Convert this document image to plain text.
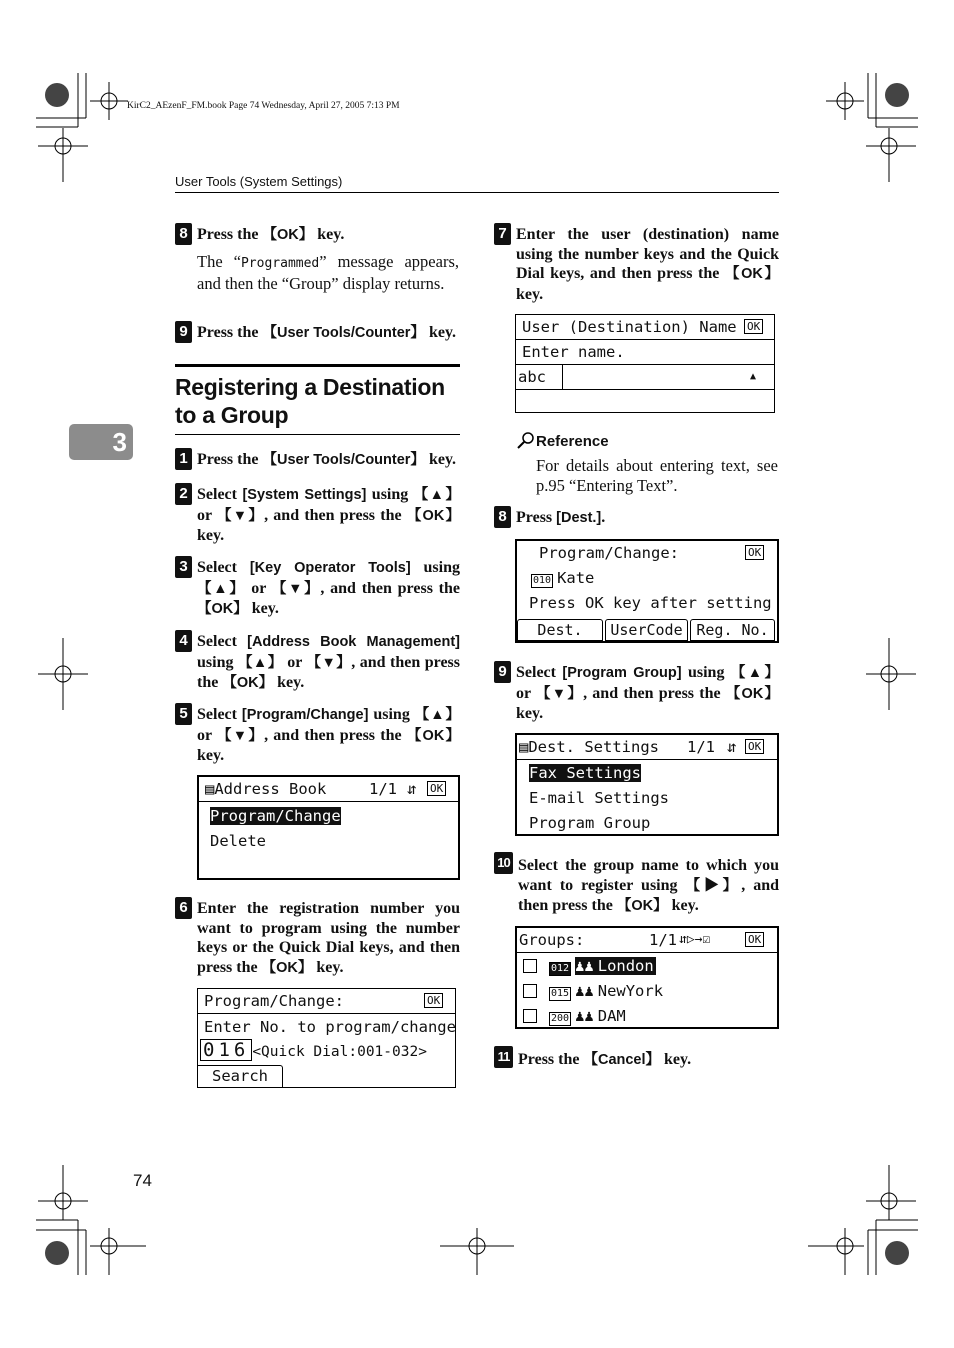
KirC2_AEzenF_FM.book Page 74 Wednesday, April 27, 2005 7:13 PM
User Tools (System Settings)
3
74
8 Press the 【OK】 key.
The “Programmed” message appears, and then the “Group” display returns.
9 Press the 【User Tools/Counter】 key.
Registering a Destination to a Group
1 Press the 【User Tools/Counter】 key.
2 Select [System Settings] using 【▲】 or 【▼】, and then press the 【OK】 key.
3 Select [Key Operator Tools] using 【▲】 or 【▼】, and then press the 【OK】 key.
4 Select [Address Book Management] using 【▲】 or 【▼】, and then press the 【OK】 key.
5 Select [Program/Change] using 【▲】 or 【▼】, and then press the 【OK】 key.
▤Address Book	1/1 ⇵ OK
Program/Change
Delete
6 Enter the registration number you want to program using the number keys or the Quick Dial keys, and then press the 【OK】 key.
Program/Change:	OK
Enter No. to program/change
016 <Quick Dial:001-032>
Search
7 Enter the user (destination) name using the number keys and the Quick Dial keys, and then press the 【OK】 key.
User (Destination) Name OK
Enter name.
abc	▲
Reference
For details about entering text, see p.95 “Entering Text”.
8 Press [Dest.].
Program/Change:	OK
010 Kate
Press OK key after setting
Dest.	UserCode Reg. No.
9 Select [Program Group] using 【▲】 or 【▼】, and then press the 【OK】 key.
▤Dest. Settings 1/1 ⇵ OK
Fax Settings
E-mail Settings
Program Group
10 Select the group name to which you want to register using 【▶】, and then press the 【OK】 key.
Groups:	1/1 ⇵▷→☑	OK
012 ♟♟ London
015 ♟♟ NewYork
200 ♟♟ DAM
11 Press the 【Cancel】 key.
